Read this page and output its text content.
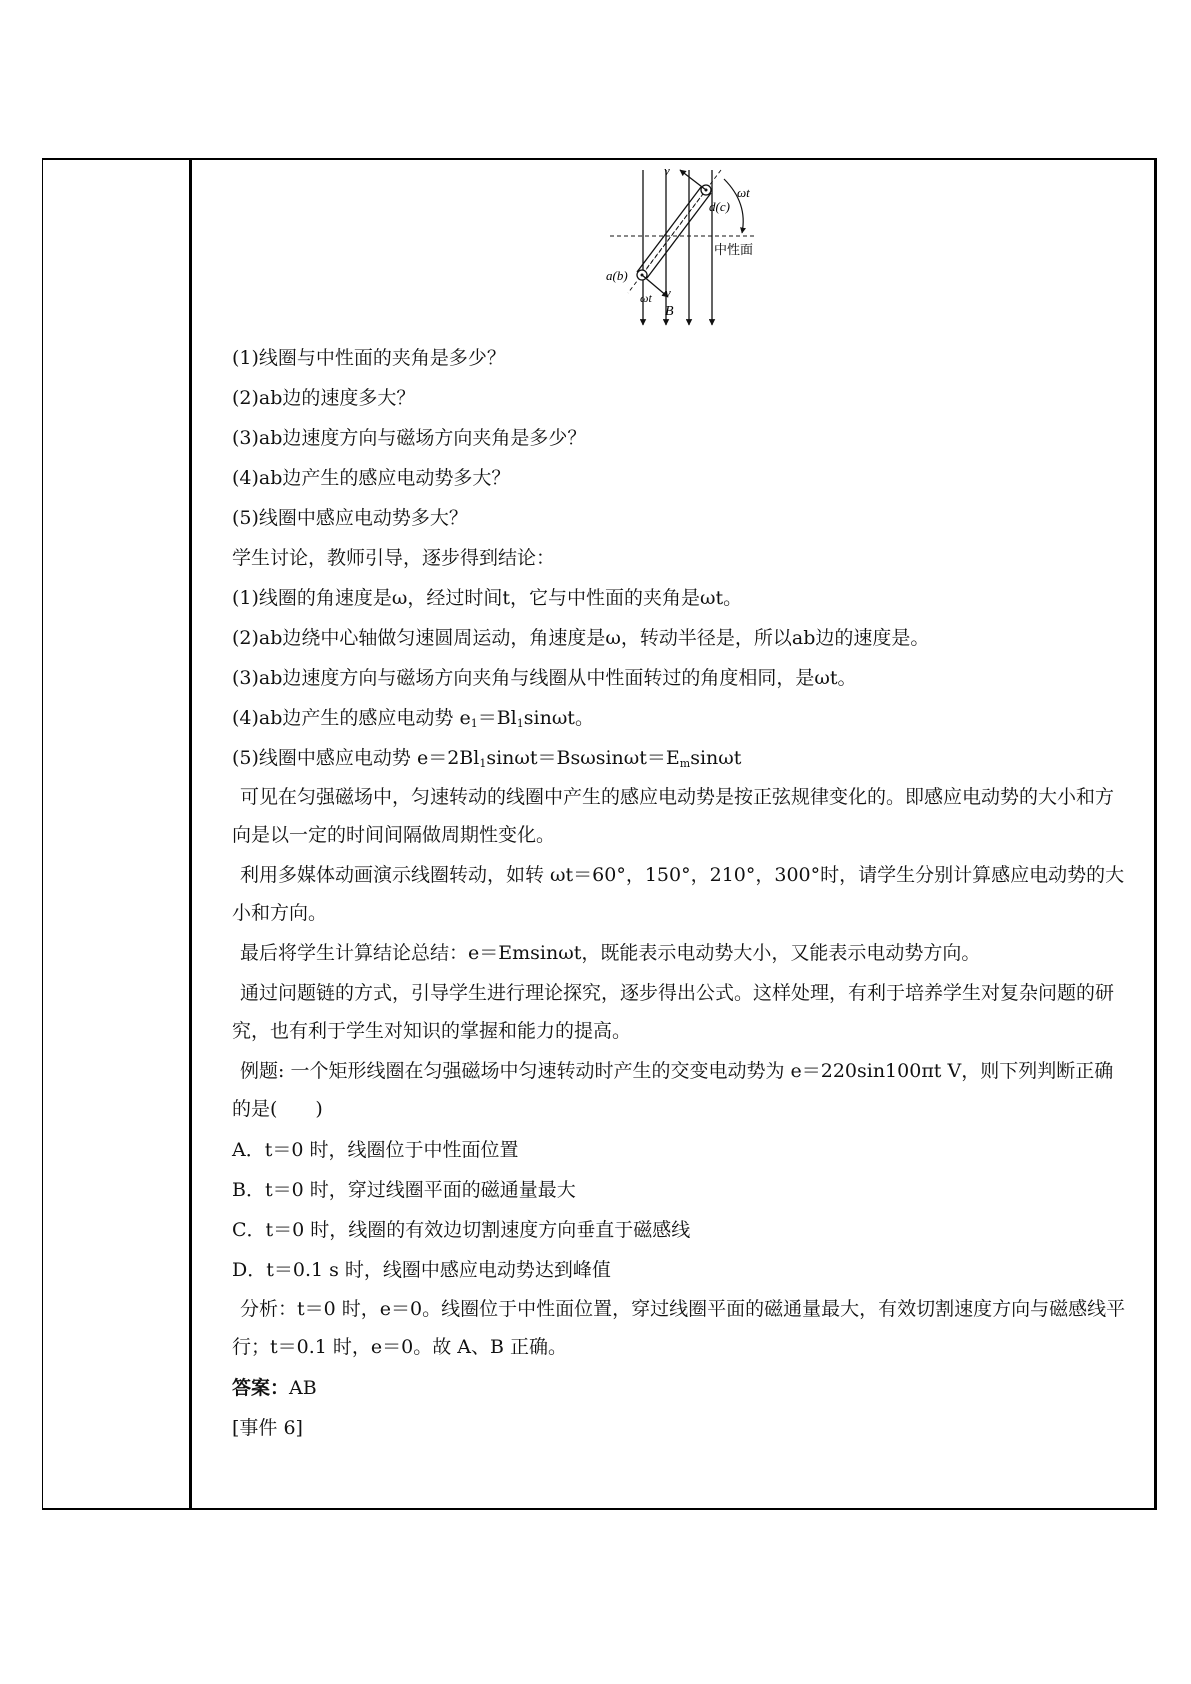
v
ωt
d(c)
中性面
a(b)
ωt v
B

(1)线圈与中性面的夹角是多少？

(2)ab边的速度多大？

(3)ab边速度方向与磁场方向夹角是多少？

(4)ab边产生的感应电动势多大？

(5)线圈中感应电动势多大？

学生讨论，教师引导，逐步得到结论：

(1)线圈的角速度是ω，经过时间t，它与中性面的夹角是ωt。

(2)ab边绕中心轴做匀速圆周运动，角速度是ω，转动半径是，所以ab边的速度是。

(3)ab边速度方向与磁场方向夹角与线圈从中性面转过的角度相同，是ωt。

(4)ab边产生的感应电动势 $e_1=Bl_1\sin\omega t$。

(5)线圈中感应电动势 $e=2Bl_1\sin\omega t=Bs\omega\sin\omega t=E_m\sin\omega t$

可见在匀强磁场中，匀速转动的线圈中产生的感应电动势是按正弦规律变化的。即感应电动势的大小和方向是以一定的时间间隔做周期性变化。

利用多媒体动画演示线圈转动，如转 ωt＝60°，150°，210°，300°时，请学生分别计算感应电动势的大小和方向。

最后将学生计算结论总结：e＝Emsinωt，既能表示电动势大小，又能表示电动势方向。

通过问题链的方式，引导学生进行理论探究，逐步得出公式。这样处理，有利于培养学生对复杂问题的研究，也有利于学生对知识的掌握和能力的提高。

例题: 一个矩形线圈在匀强磁场中匀速转动时产生的交变电动势为 e＝220sin100πt V，则下列判断正确的是(　　)

A．t＝0 时，线圈位于中性面位置

B．t＝0 时，穿过线圈平面的磁通量最大

C．t＝0 时，线圈的有效边切割速度方向垂直于磁感线

D．t＝0.1 s 时，线圈中感应电动势达到峰值

分析：t＝0 时，e＝0。线圈位于中性面位置，穿过线圈平面的磁通量最大，有效切割速度方向与磁感线平行；t＝0.1 时，e＝0。故 A、B 正确。

答案：AB

[事件 6]
